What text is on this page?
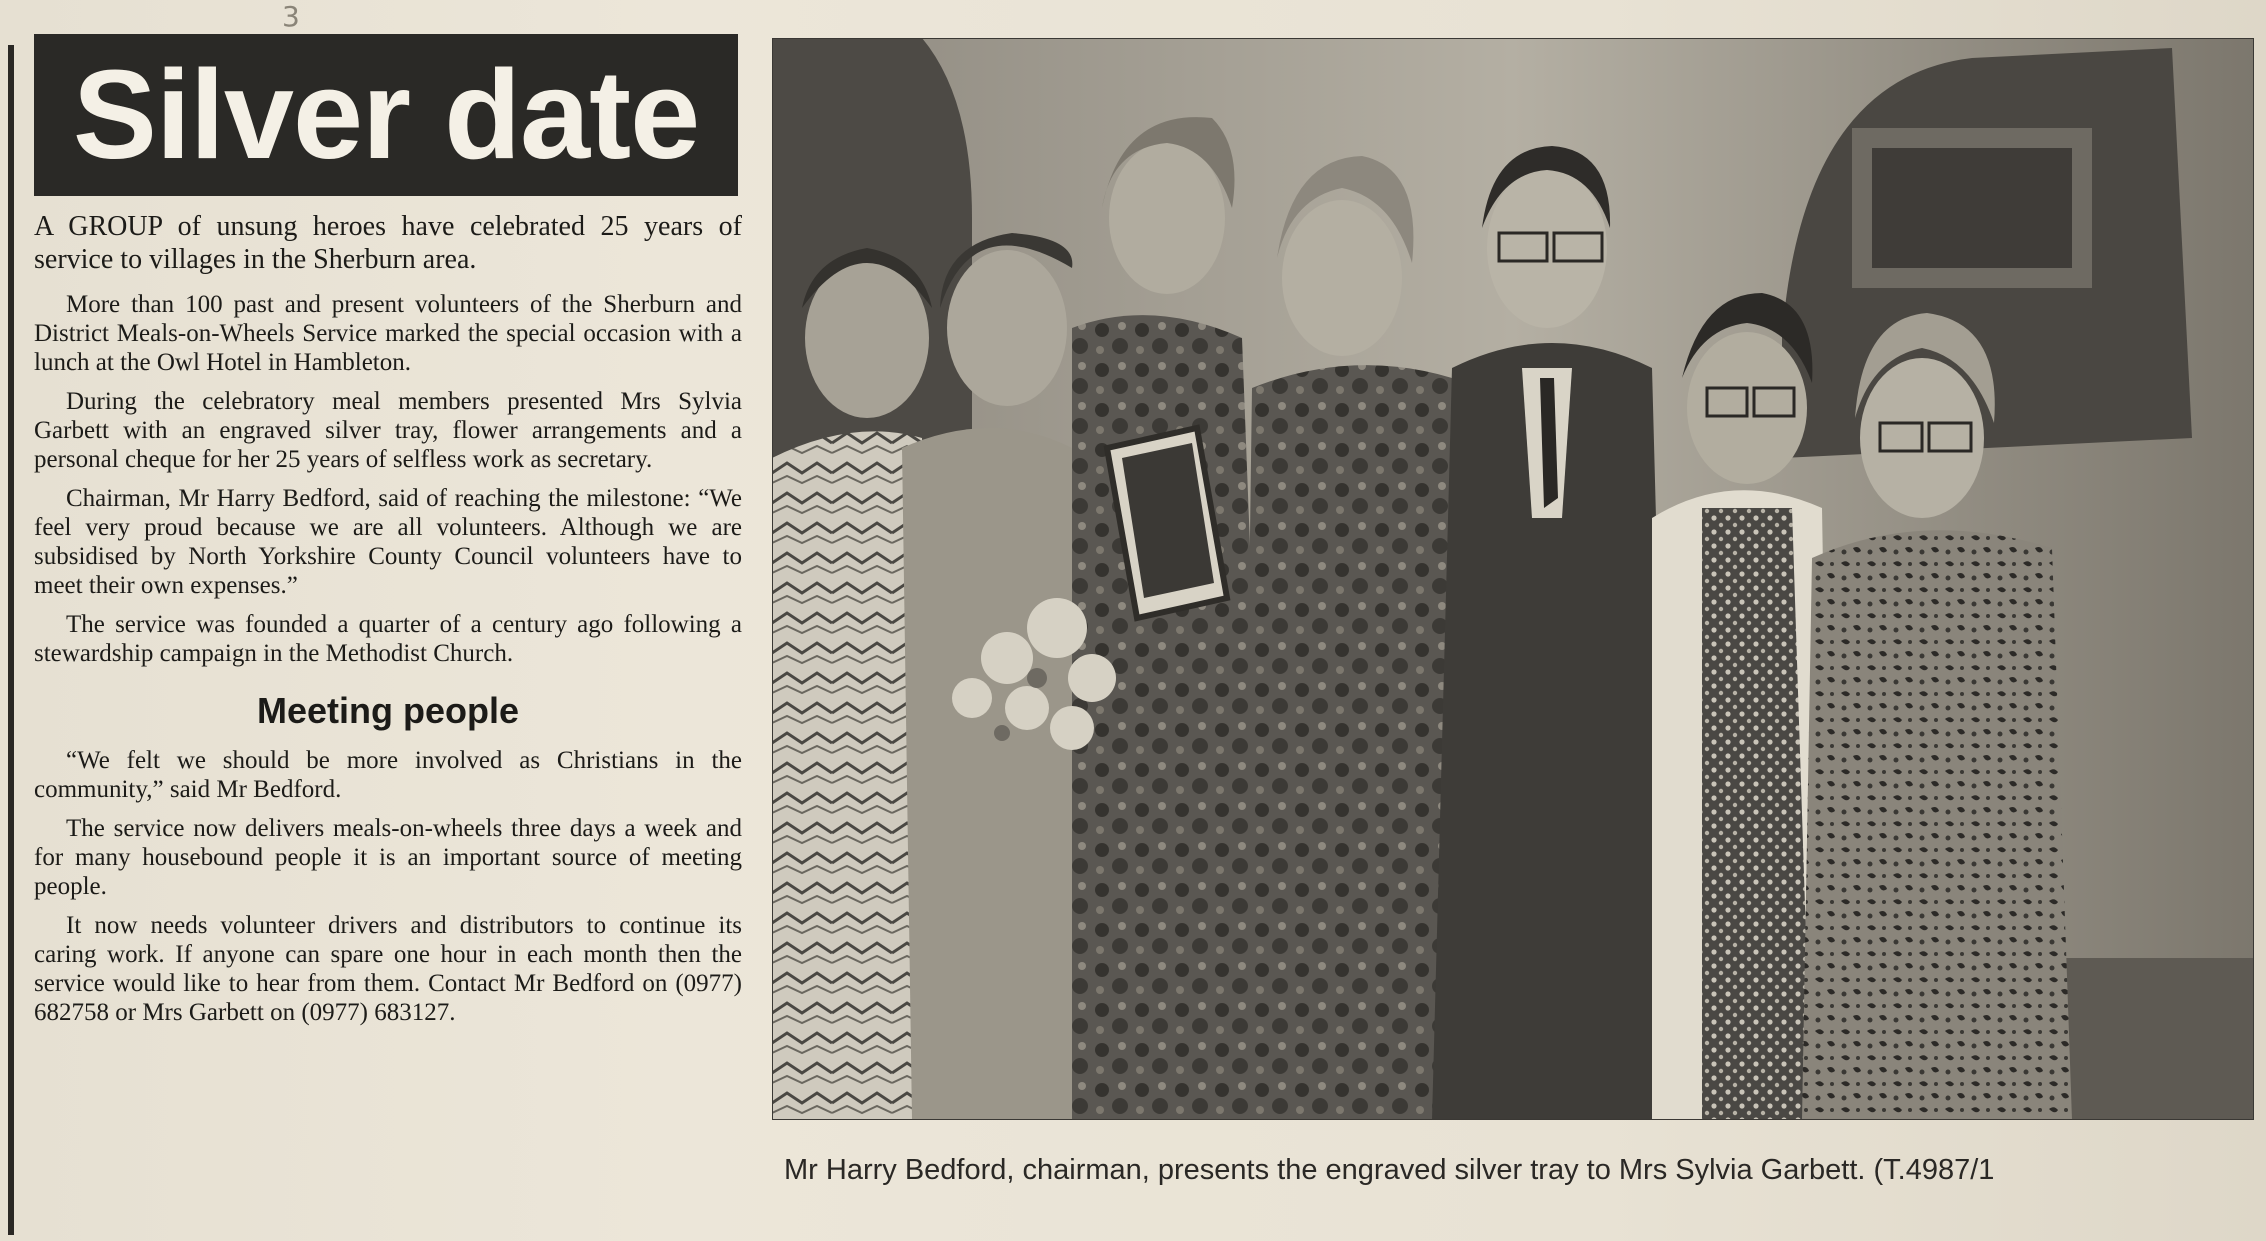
3
Silver date

A GROUP of unsung heroes have celebrated 25 years of service to villages in the Sherburn area.

More than 100 past and present volunteers of the Sherburn and District Meals-on-Wheels Service marked the special occasion with a lunch at the Owl Hotel in Hambleton.

During the celebratory meal members presented Mrs Sylvia Garbett with an engraved silver tray, flower arrangements and a personal cheque for her 25 years of selfless work as secretary.

Chairman, Mr Harry Bedford, said of reaching the milestone: “We feel very proud because we are all volunteers. Although we are subsidised by North Yorkshire County Council volunteers have to meet their own expenses.”

The service was founded a quarter of a century ago following a stewardship campaign in the Methodist Church.

Meeting people

“We felt we should be more involved as Christians in the community,” said Mr Bedford.

The service now delivers meals-on-wheels three days a week and for many housebound people it is an important source of meeting people.

It now needs volunteer drivers and distributors to continue its caring work. If anyone can spare one hour in each month then the service would like to hear from them. Contact Mr Bedford on (0977) 682758 or Mrs Garbett on (0977) 683127.

Mr Harry Bedford, chairman, presents the engraved silver tray to Mrs Sylvia Garbett. (T.4987/1
